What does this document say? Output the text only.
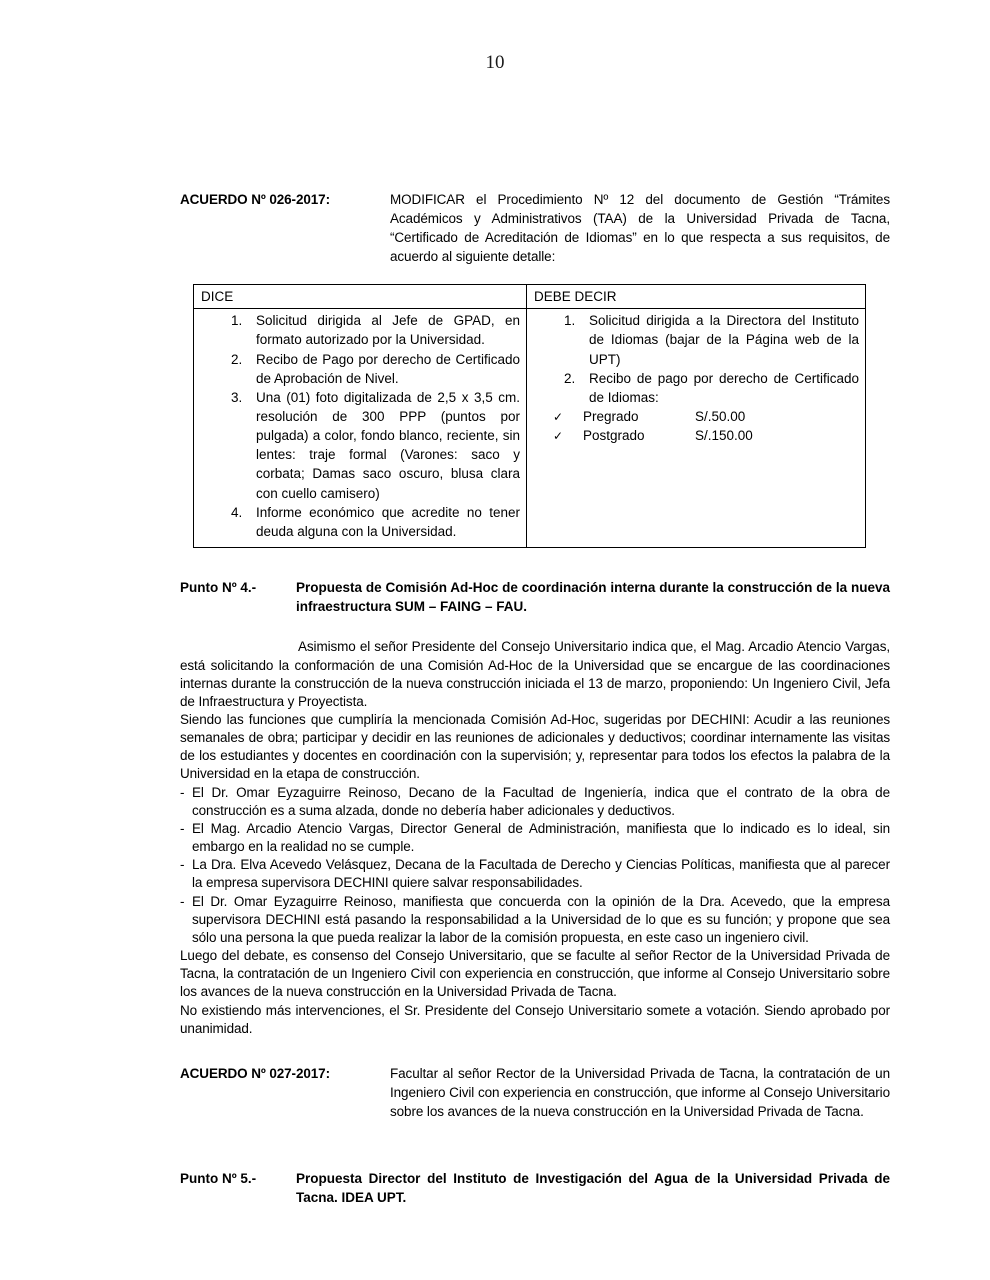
10
ACUERDO Nº 026-2017:	MODIFICAR el Procedimiento Nº 12 del documento de Gestión “Trámites Académicos y Administrativos (TAA) de la Universidad Privada de Tacna, “Certificado de Acreditación de Idiomas” en lo que respecta a sus requisitos, de acuerdo al siguiente detalle:
DICE	DEBE DECIR

1. Solicitud dirigida al Jefe de GPAD, en formato autorizado por la Universidad.
2. Recibo de Pago por derecho de Certificado de Aprobación de Nivel.
3. Una (01) foto digitalizada de 2,5 x 3,5 cm. resolución de 300 PPP (puntos por pulgada) a color, fondo blanco, reciente, sin lentes: traje formal (Varones: saco y corbata; Damas saco oscuro, blusa clara con cuello camisero)
4. Informe económico que acredite no tener deuda alguna con la Universidad.

1. Solicitud dirigida a la Directora del Instituto de Idiomas (bajar de la Página web de la UPT)
2. Recibo de pago por derecho de Certificado de Idiomas:
✓	Pregrado	S/.50.00
✓	Postgrado	S/.150.00
Punto Nº 4.-	Propuesta de Comisión Ad-Hoc de coordinación interna durante la construcción de la nueva infraestructura SUM – FAING – FAU.

Asimismo el señor Presidente del Consejo Universitario indica que, el Mag. Arcadio Atencio Vargas, está solicitando la conformación de una Comisión Ad-Hoc de la Universidad que se encargue de las coordinaciones internas durante la construcción de la nueva construcción iniciada el 13 de marzo, proponiendo: Un Ingeniero Civil, Jefa de Infraestructura y Proyectista.

Siendo las funciones que cumpliría la mencionada Comisión Ad-Hoc, sugeridas por DECHINI: Acudir a las reuniones semanales de obra; participar y decidir en las reuniones de adicionales y deductivos; coordinar internamente las visitas de los estudiantes y docentes en coordinación con la supervisión; y, representar para todos los efectos la palabra de la Universidad en la etapa de construcción.

- El Dr. Omar Eyzaguirre Reinoso, Decano de la Facultad de Ingeniería, indica que el contrato de la obra de construcción es a suma alzada, donde no debería haber adicionales y deductivos.
- El Mag. Arcadio Atencio Vargas, Director General de Administración, manifiesta que lo indicado es lo ideal, sin embargo en la realidad no se cumple.
- La Dra. Elva Acevedo Velásquez, Decana de la Facultada de Derecho y Ciencias Políticas, manifiesta que al parecer la empresa supervisora DECHINI quiere salvar responsabilidades.
- El Dr. Omar Eyzaguirre Reinoso, manifiesta que concuerda con la opinión de la Dra. Acevedo, que la empresa supervisora DECHINI está pasando la responsabilidad a la Universidad de lo que es su función; y propone que sea sólo una persona la que pueda realizar la labor de la comisión propuesta, en este caso un ingeniero civil.

Luego del debate, es consenso del Consejo Universitario, que se faculte al señor Rector de la Universidad Privada de Tacna, la contratación de un Ingeniero Civil con experiencia en construcción, que informe al Consejo Universitario sobre los avances de la nueva construcción en la Universidad Privada de Tacna.

No existiendo más intervenciones, el Sr. Presidente del Consejo Universitario somete a votación. Siendo aprobado por unanimidad.

ACUERDO Nº 027-2017:	Facultar al señor Rector de la Universidad Privada de Tacna, la contratación de un Ingeniero Civil con experiencia en construcción, que informe al Consejo Universitario sobre los avances de la nueva construcción en la Universidad Privada de Tacna.
Punto Nº 5.-	Propuesta Director del Instituto de Investigación del Agua de la Universidad Privada de Tacna. IDEA UPT.
